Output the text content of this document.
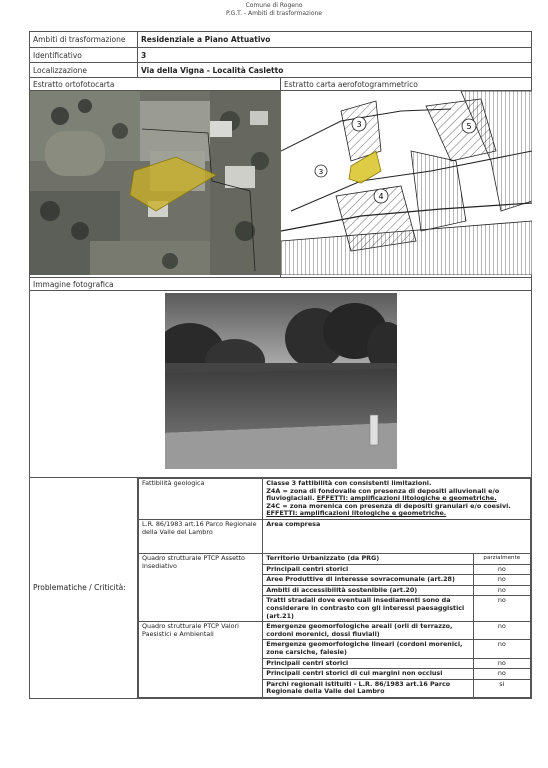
Comune di Rogeno
P.G.T. - Ambiti di trasformazione
Ambiti di trasformazione	Residenziale a Piano Attuativo
Identificativo	3
Localizzazione	Via della Vigna - Località Casletto
Estratto ortofotocarta	Estratto carta aerofotogrammetrico

3
3
4
5

Immagine fotografica

Problematiche / Criticità:	
Fattibilità geologica	Classe 3 fattibilità con consistenti limitazioni.
Z4A = zona di fondovalle con presenza di depositi alluvionali e/o fluvioglaciali. EFFETTI: amplificazioni litologiche e geometriche.
Z4C = zona morenica con presenza di depositi granulari e/o coesivi. EFFETTI: amplificazioni litologiche e geometriche.

L.R. 86/1983 art.16 Parco Regionale della Valle del Lambro	Area compresa
Quadro strutturale PTCP Assetto Insediativo	Territorio Urbanizzato (da PRG)	parzialmente
Principali centri storici	no
Aree Produttive di interesse sovracomunale (art.28)	no
Ambiti di accessibilità sostenibile (art.20)	no
Tratti stradali dove eventuali insediamenti sono da considerare in contrasto con gli interessi paesaggistici (art.21)	no
Quadro strutturale PTCP Valori Paesistici e Ambientali	Emergenze geomorfologiche areali (orli di terrazzo, cordoni morenici, dossi fluviali)	no
Emergenze geomorfologiche lineari (cordoni morenici, zone carsiche, falesie)	no
Principali centri storici	no
Principali centri storici di cui margini non occlusi	no
Parchi regionali istituiti - L.R. 86/1983 art.16 Parco Regionale della Valle del Lambro	si
